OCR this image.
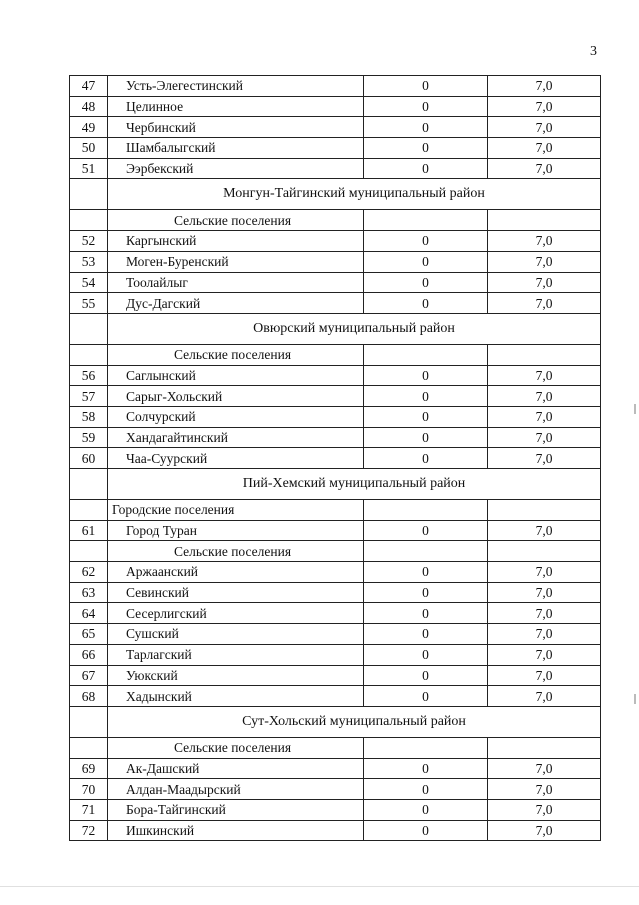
3
47	Усть-Элегестинский	0	7,0
48	Целинное	0	7,0
49	Чербинский	0	7,0
50	Шамбалыгский	0	7,0
51	Ээрбекский	0	7,0
	Монгун-Тайгинский муниципальный район		
	Сельские поселения		
52	Каргынский	0	7,0
53	Моген-Буренский	0	7,0
54	Тоолайлыг	0	7,0
55	Дус-Дагский	0	7,0
	Овюрский муниципальный район		
	Сельские поселения		
56	Саглынский	0	7,0
57	Сарыг-Хольский	0	7,0
58	Солчурский	0	7,0
59	Хандагайтинский	0	7,0
60	Чаа-Суурский	0	7,0
	Пий-Хемский муниципальный район		
	Городские поселения		
61	Город Туран	0	7,0
	Сельские поселения		
62	Аржаанский	0	7,0
63	Севинский	0	7,0
64	Сесерлигский	0	7,0
65	Сушский	0	7,0
66	Тарлагский	0	7,0
67	Уюкский	0	7,0
68	Хадынский	0	7,0
	Сут-Хольский муниципальный район		
	Сельские поселения		
69	Ак-Дашский	0	7,0
70	Алдан-Маадырский	0	7,0
71	Бора-Тайгинский	0	7,0
72	Ишкинский	0	7,0
